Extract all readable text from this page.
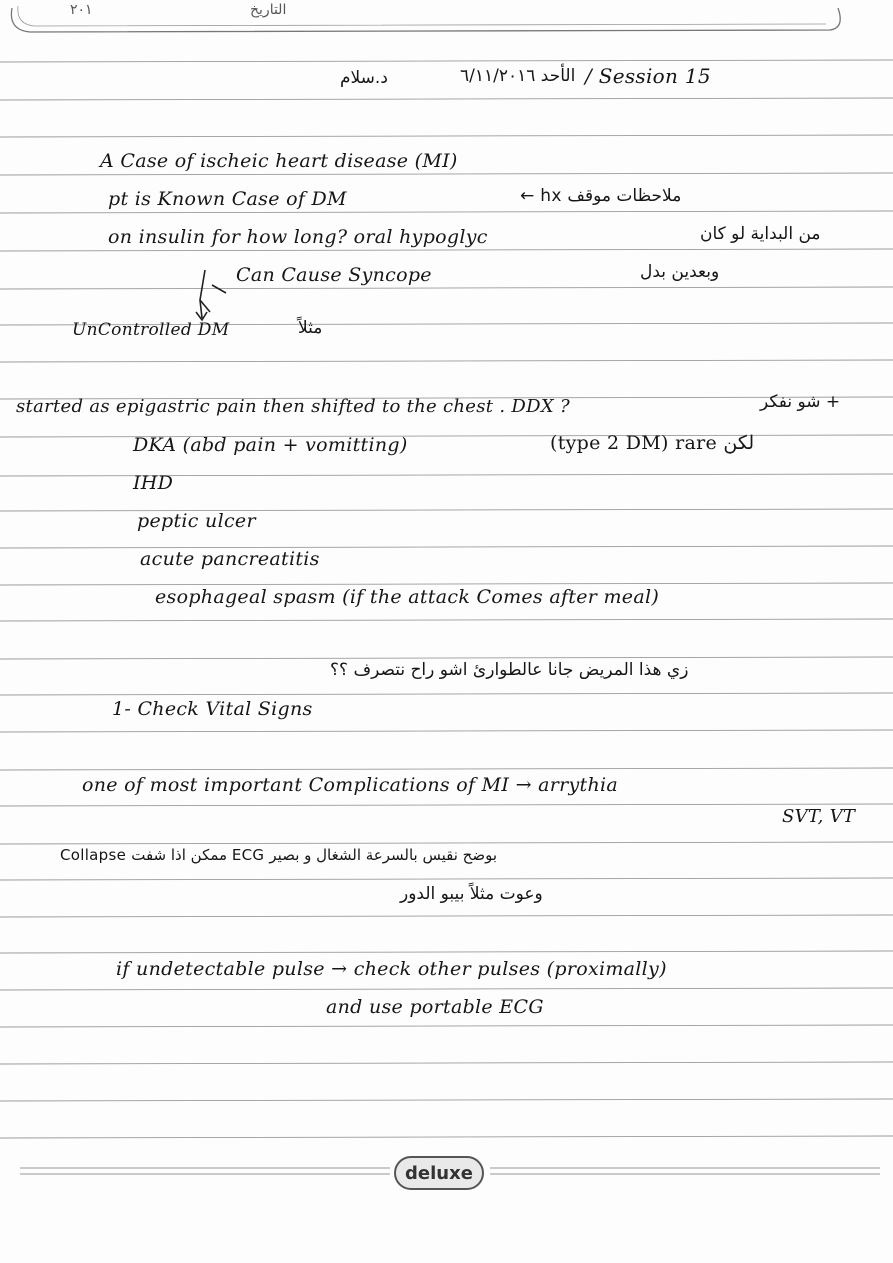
التاريخ
٢٠١
/ Session 15
الأحد ٦/١١/٢٠١٦
د.سلام
A Case of ischeic heart disease (MI)
pt is Known Case of DM	← hx ملاحظات موقف
on insulin for how long? oral hypoglyc	من البداية لو كان
Can Cause Syncope	وبعدين بدل
UnControlled DM	مثلاً
started as epigastric pain then shifted to the chest . DDX ?	+ شو نفكر
DKA (abd pain + vomitting)	(type 2 DM) rare لكن
IHD
peptic ulcer
acute pancreatitis
esophageal spasm (if the attack Comes after meal)
زي هذا المريض جانا عالطوارئ اشو راح نتصرف ؟؟
1- Check Vital Signs
one of most important Complications of MI → arrythia
SVT, VT
Collapse ممكن اذا شفت ECG بوضح نقيس بالسرعة الشغال و بصير
وعوت مثلاً بيبو الدور
if undetectable pulse → check other pulses (proximally)
and use portable ECG
deluxe
